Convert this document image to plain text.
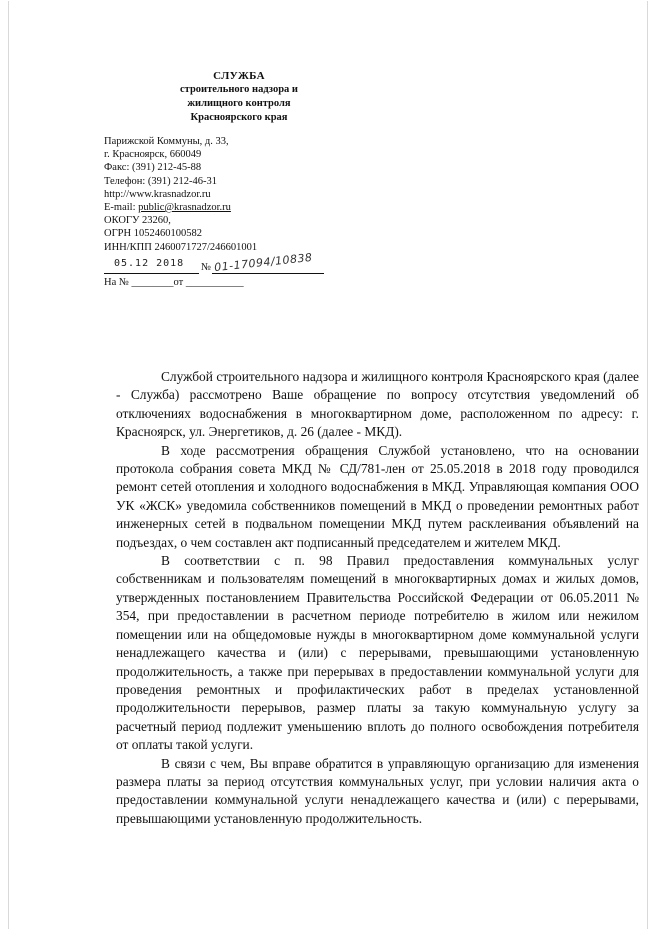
СЛУЖБА
строительного надзора и
жилищного контроля
Красноярского края
Парижской Коммуны, д. 33,
г. Красноярск, 660049
Факс: (391) 212-45-88
Телефон: (391) 212-46-31
http://www.krasnadzor.ru
E-mail: public@krasnadzor.ru
ОКОГУ 23260,
ОГРН 1052460100582
ИНН/КПП 2460071727/246601001
05.12 2018 № 01-17094/10838
На № ________от ___________

Службой строительного надзора и жилищного контроля Красноярского края (далее - Служба) рассмотрено Ваше обращение по вопросу отсутствия уведомлений об отключениях водоснабжения в многоквартирном доме, расположенном по адресу: г. Красноярск, ул. Энергетиков, д. 26 (далее - МКД).

В ходе рассмотрения обращения Службой установлено, что на основании протокола собрания совета МКД № СД/781-лен от 25.05.2018 в 2018 году проводился ремонт сетей отопления и холодного водоснабжения в МКД. Управляющая компания ООО УК «ЖСК» уведомила собственников помещений в МКД о проведении ремонтных работ инженерных сетей в подвальном помещении МКД путем расклеивания объявлений на подъездах, о чем составлен акт подписанный председателем и жителем МКД.

В соответствии с п. 98 Правил предоставления коммунальных услуг собственникам и пользователям помещений в многоквартирных домах и жилых домов, утвержденных постановлением Правительства Российской Федерации от 06.05.2011 № 354, при предоставлении в расчетном периоде потребителю в жилом или нежилом помещении или на общедомовые нужды в многоквартирном доме коммунальной услуги ненадлежащего качества и (или) с перерывами, превышающими установленную продолжительность, а также при перерывах в предоставлении коммунальной услуги для проведения ремонтных и профилактических работ в пределах установленной продолжительности перерывов, размер платы за такую коммунальную услугу за расчетный период подлежит уменьшению вплоть до полного освобождения потребителя от оплаты такой услуги.

В связи с чем, Вы вправе обратится в управляющую организацию для изменения размера платы за период отсутствия коммунальных услуг, при условии наличия акта о предоставлении коммунальной услуги ненадлежащего качества и (или) с перерывами, превышающими установленную продолжительность.
